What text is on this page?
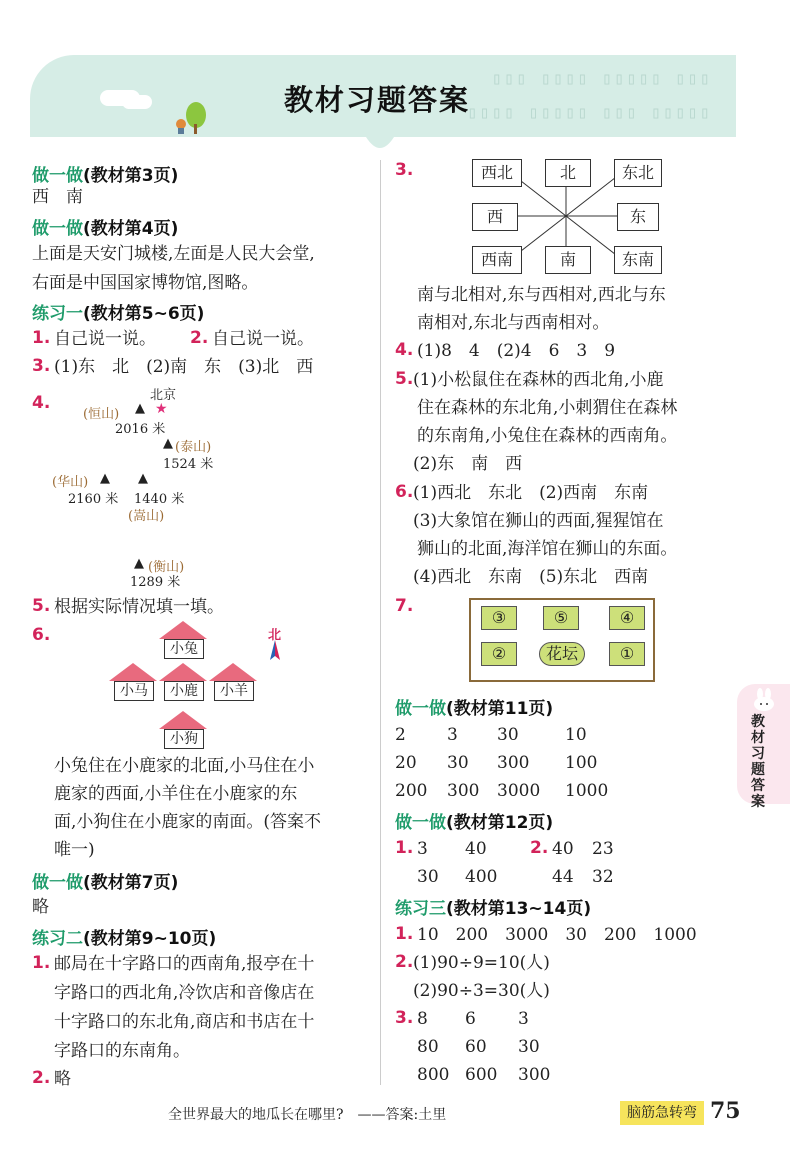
▯▯▯ ▯▯▯▯ ▯▯▯▯▯ ▯▯▯
▯▯▯▯ ▯▯▯▯▯ ▯▯▯ ▯▯▯▯▯
教材习题答案
做一做(教材第3页)
西　南
做一做(教材第4页)
上面是天安门城楼,左面是人民大会堂,
右面是中国国家博物馆,图略。
练习一(教材第5~6页)
1. 自己说一说。 2. 自己说一说。
3. (1)东　北　(2)南　东　(3)北　西
4.	北京
★
(恒山) ▲
2016 米
▲ (泰山)
1524 米
(华山) ▲ ▲
2160 米 1440 米
(嵩山)
▲ (衡山)
1289 米
5. 根据实际情况填一填。
6.	北
小兔
小马	小鹿	小羊
小狗
小兔住在小鹿家的北面,小马住在小
鹿家的西面,小羊住在小鹿家的东
面,小狗住在小鹿家的南面。(答案不
唯一)
做一做(教材第7页)
略
练习二(教材第9~10页)
1. 邮局在十字路口的西南角,报亭在十
字路口的西北角,冷饮店和音像店在
十字路口的东北角,商店和书店在十
字路口的东南角。
2. 略
3.	西北	北	东北
西	东
西南	南	东南
南与北相对,东与西相对,西北与东
南相对,东北与西南相对。
4. (1)8　4　(2)4　6　3　9
5. (1)小松鼠住在森林的西北角,小鹿
住在森林的东北角,小刺猬住在森林
的东南角,小兔住在森林的西南角。
(2)东　南　西
6. (1)西北　东北　(2)西南　东南
(3)大象馆在狮山的西面,猩猩馆在
狮山的北面,海洋馆在狮山的东面。
(4)西北　东南　(5)东北　西南
7.
③	⑤	④
②	花坛	①
做一做(教材第11页)
2 3 30	10
20 30 300 100
200 300 3000 1000
做一做(教材第12页)
1. 3 40
30 400
2. 40 23
44 32
练习三(教材第13~14页)
1. 10　200　3000　30　200　1000
2. (1)90÷9=10(人)
(2)90÷3=30(人)
3. 8 6 3
80 60 30
800 600 300
教材习题答案
全世界最大的地瓜长在哪里?　——答案:土里	脑筋急转弯 75
